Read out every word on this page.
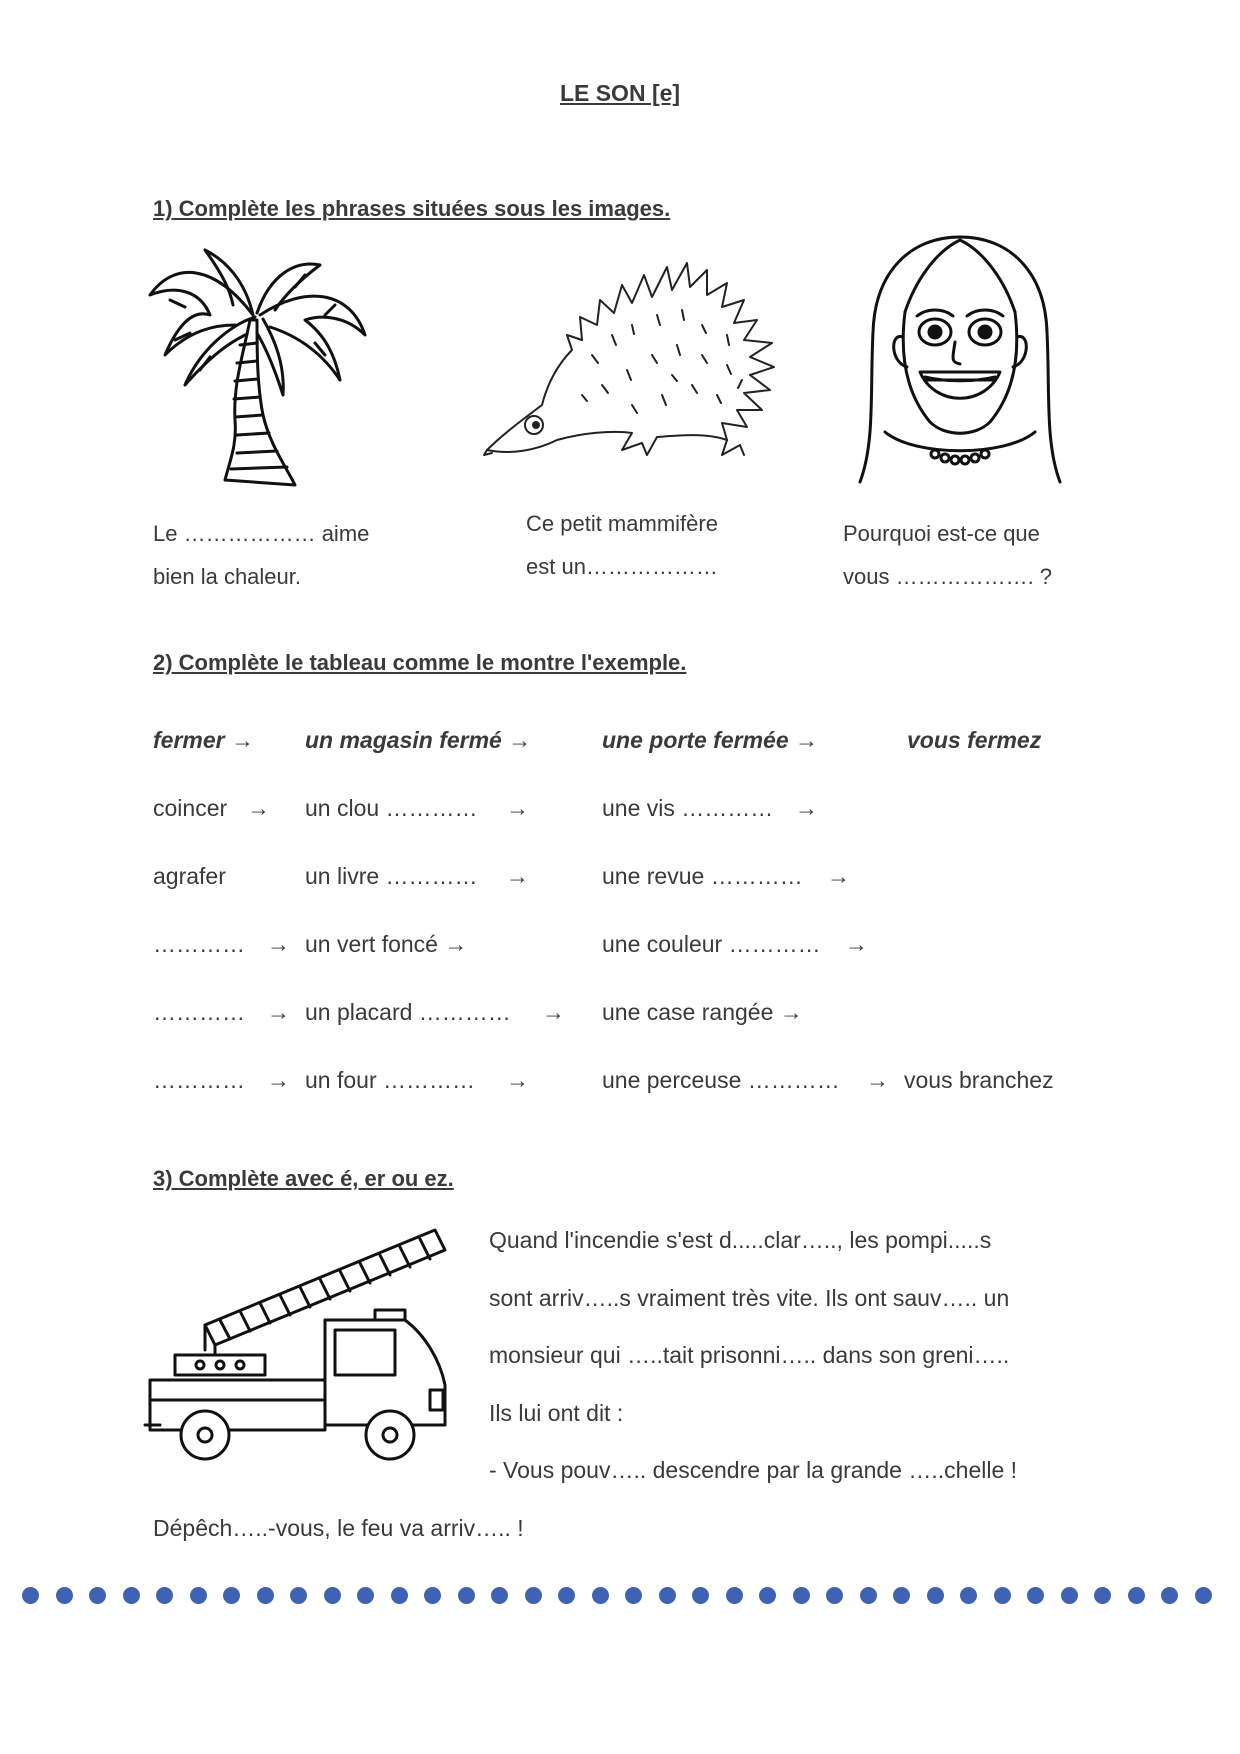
LE SON [e]
1) Complète les phrases situées sous les images.
Le ……………… aime
bien la chaleur.
Ce petit mammifère
est un………………
Pourquoi est-ce que
vous ………………. ?
2) Complète le tableau comme le montre l'exemple.
fermer → un magasin fermé →	une porte fermée →	vous fermez
coincer → un clou ………… →	une vis ………… →
agrafer	un livre ………… →	une revue ………… →
………… → un vert foncé →	une couleur ………… →
………… → un placard ………… → une case rangée →
………… → un four ………… →	une perceuse ………… → vous branchez
3) Complète avec é, er ou ez.
Quand l'incendie s'est d.....clar….., les pompi.....s
sont arriv…..s vraiment très vite. Ils ont sauv….. un
monsieur qui …..tait prisonni….. dans son greni…..
Ils lui ont dit :
- Vous pouv….. descendre par la grande …..chelle !
Dépêch…..-vous, le feu va arriv….. !
